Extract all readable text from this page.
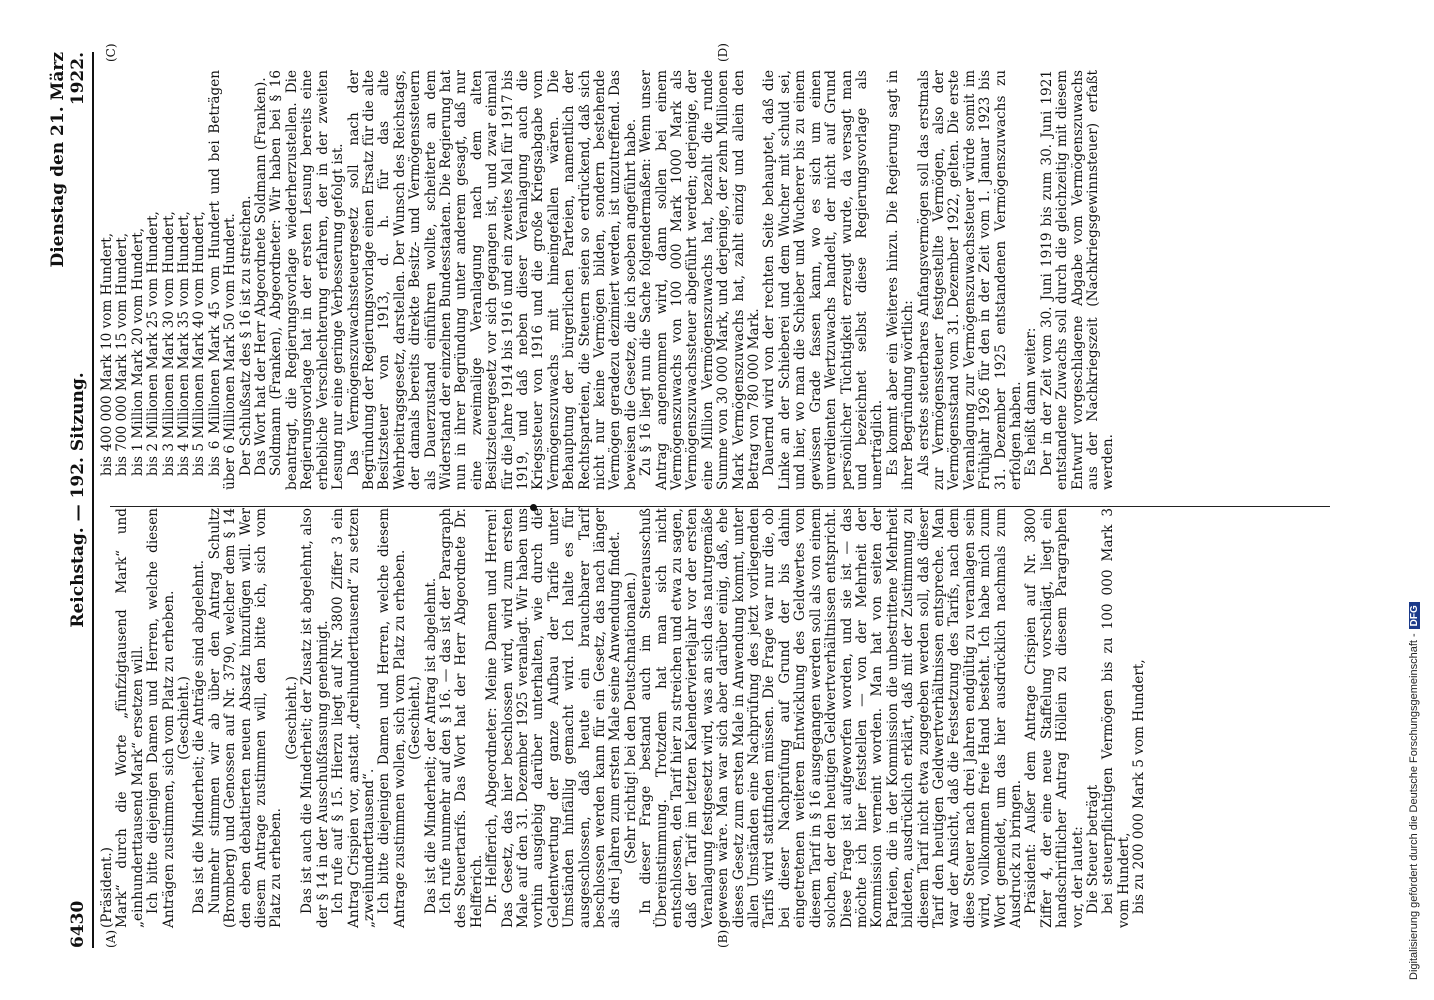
6430
Reichstag. — 192. Sitzung.
Dienstag den 21. März 1922.
(A)	(B)
(C)	(D)

(Präsident.) Mark“ durch die Worte „fünfzigtausend Mark“ und „einhunderttausend Mark“ ersetzen will. Ich bitte diejenigen Damen und Herren, welche diesen Anträgen zustimmen, sich vom Platz zu erheben. (Geschieht.) Das ist die Minderheit; die Anträge sind abgelehnt. Nunmehr stimmen wir ab über den Antrag Schultz (Bromberg) und Genossen auf Nr. 3790, welcher dem § 14 den eben debattierten neuen Absatz hinzufügen will. Wer diesem Antrage zustimmen will, den bitte ich, sich vom Platz zu erheben.

(Geschieht.) Das ist auch die Minderheit; der Zusatz ist abgelehnt, also der § 14 in der Ausschußfassung genehmigt. Ich rufe auf § 15. Hierzu liegt auf Nr. 3800 Ziffer 3 ein Antrag Crispien vor, anstatt „dreihunderttausend“ zu setzen „zweihunderttausend“. Ich bitte diejenigen Damen und Herren, welche diesem Antrage zustimmen wollen, sich vom Platz zu erheben. (Geschieht.) Das ist die Minderheit; der Antrag ist abgelehnt. Ich rufe nunmehr auf den § 16. — das ist der Paragraph des Steuertarifs. Das Wort hat der Herr Abgeordnete Dr. Helfferich. Dr. Helfferich, Abgeordneter: Meine Damen und Herren! Das Gesetz, das hier beschlossen wird, wird zum ersten Male auf den 31. Dezember 1925 veranlagt. Wir haben uns vorhin ausgiebig darüber unterhalten, wie durch die Geldentwertung der ganze Aufbau der Tarife unter Umständen hinfällig gemacht wird. Ich halte es für ausgeschlossen, daß heute ein brauchbarer Tarif beschlossen werden kann für ein Gesetz, das nach länger als drei Jahren zum ersten Male seine Anwendung findet. (Sehr richtig! bei den Deutschnationalen.) In dieser Frage bestand auch im Steuerausschuß Übereinstimmung. Trotzdem hat man sich nicht entschlossen, den Tarif hier zu streichen und etwa zu sagen, daß der Tarif im letzten Kalendervierteljahr vor der ersten Veranlagung festgesetzt wird, was an sich das naturgemäße gewesen wäre. Man war sich aber darüber einig, daß, ehe dieses Gesetz zum ersten Male in Anwendung kommt, unter allen Umständen eine Nachprüfung des jetzt vorliegenden Tarifs wird stattfinden müssen. Die Frage war nur die, ob bei dieser Nachprüfung auf Grund der bis dahin eingetretenen weiteren Entwicklung des Geldwertes von diesem Tarif in § 16 ausgegangen werden soll als von einem solchen, der den heutigen Geldwertverhältnissen entspricht. Diese Frage ist aufgeworfen worden, und sie ist — das möchte ich hier feststellen — von der Mehrheit der Kommission verneint worden. Man hat von seiten der Parteien, die in der Kommission die unbestrittene Mehrheit bildeten, ausdrücklich erklärt, daß mit der Zustimmung zu diesem Tarif nicht etwa zugegeben werden soll, daß dieser Tarif den heutigen Geldwertverhältnissen entspreche. Man war der Ansicht, daß die Festsetzung des Tarifs, nach dem diese Steuer nach drei Jahren endgültig zu veranlagen sein wird, vollkommen freie Hand besteht. Ich habe mich zum Wort gemeldet, um das hier ausdrücklich nachmals zum Ausdruck zu bringen. Präsident: Außer dem Antrage Crispien auf Nr. 3800 Ziffer 4, der eine neue Staffelung vorschlägt, liegt ein handschriftlicher Antrag Höllein zu diesem Paragraphen vor, der lautet: Die Steuer beträgt bei steuerpflichtigen Vermögen bis zu 100 000 Mark 3 vom Hundert, bis zu 200 000 Mark 5 vom Hundert,

bis 400 000 Mark 10 vom Hundert, bis 700 000 Mark 15 vom Hundert, bis 1 Million Mark 20 vom Hundert, bis 2 Millionen Mark 25 vom Hundert, bis 3 Millionen Mark 30 vom Hundert, bis 4 Millionen Mark 35 vom Hundert, bis 5 Millionen Mark 40 vom Hundert, bis 6 Millionen Mark 45 vom Hundert und bei Beträgen über 6 Millionen Mark 50 vom Hundert. Der Schlußsatz des § 16 ist zu streichen. Das Wort hat der Herr Abgeordnete Soldmann (Franken). Soldmann (Franken), Abgeordneter: Wir haben bei § 16 beantragt, die Regierungsvorlage wiederherzustellen. Die Regierungsvorlage hat in der ersten Lesung bereits eine erhebliche Verschlechterung erfahren, der in der zweiten Lesung nur eine geringe Verbesserung gefolgt ist. Das Vermögenszuwachssteuergesetz soll nach der Begründung der Regierungsvorlage einen Ersatz für die alte Besitzsteuer von 1913, d. h. für das alte Wehrbeitragsgesetz, darstellen. Der Wunsch des Reichstags, der damals bereits direkte Besitz- und Vermögenssteuern als Dauerzustand einführen wollte, scheiterte an dem Widerstand der einzelnen Bundesstaaten. Die Regierung hat nun in ihrer Begründung unter anderem gesagt, daß nur eine zweimalige Veranlagung nach dem alten Besitzsteuergesetz vor sich gegangen ist, und zwar einmal für die Jahre 1914 bis 1916 und ein zweites Mal für 1917 bis 1919, und daß neben dieser Veranlagung auch die Kriegssteuer von 1916 und die große Kriegsabgabe vom Vermögenszuwachs mit hineingefallen wären. Die Behauptung der bürgerlichen Parteien, namentlich der Rechtsparteien, die Steuern seien so erdrückend, daß sich nicht nur keine Vermögen bilden, sondern bestehende Vermögen geradezu dezimiert werden, ist unzutreffend. Das beweisen die Gesetze, die ich soeben angeführt habe. Zu § 16 liegt nun die Sache folgendermaßen: Wenn unser Antrag angenommen wird, dann sollen bei einem Vermögenszuwachs von 100 000 Mark 1000 Mark als Vermögenszuwachssteuer abgeführt werden; derjenige, der eine Million Vermögenszuwachs hat, bezahlt die runde Summe von 30 000 Mark, und derjenige, der zehn Millionen Mark Vermögenszuwachs hat, zahlt einzig und allein den Betrag von 780 000 Mark. Dauernd wird von der rechten Seite behauptet, daß die Linke an der Schieberei und dem Wucher mit schuld sei, und hier, wo man die Schieber und Wucherer bis zu einem gewissen Grade fassen kann, wo es sich um einen unverdienten Wertzuwachs handelt, der nicht auf Grund persönlicher Tüchtigkeit erzeugt wurde, da versagt man und bezeichnet selbst diese Regierungsvorlage als unerträglich. Es kommt aber ein Weiteres hinzu. Die Regierung sagt in ihrer Begründung wörtlich: Als erstes steuerbares Anfangsvermögen soll das erstmals zur Vermögenssteuer festgestellte Vermögen, also der Vermögensstand vom 31. Dezember 1922, gelten. Die erste Veranlagung zur Vermögenszuwachssteuer würde somit im Frühjahr 1926 für den in der Zeit vom 1. Januar 1923 bis 31. Dezember 1925 entstandenen Vermögenszuwachs zu erfolgen haben. Es heißt dann weiter: Der in der Zeit vom 30. Juni 1919 bis zum 30. Juni 1921 entstandene Zuwachs soll durch die gleichzeitig mit diesem Entwurf vorgeschlagene Abgabe vom Vermögenszuwachs aus der Nachkriegszeit (Nachkriegsgewinnsteuer) erfaßt werden.

Digitalisierung gefördert durch die Deutsche Forschungsgemeinschaft -DFG
